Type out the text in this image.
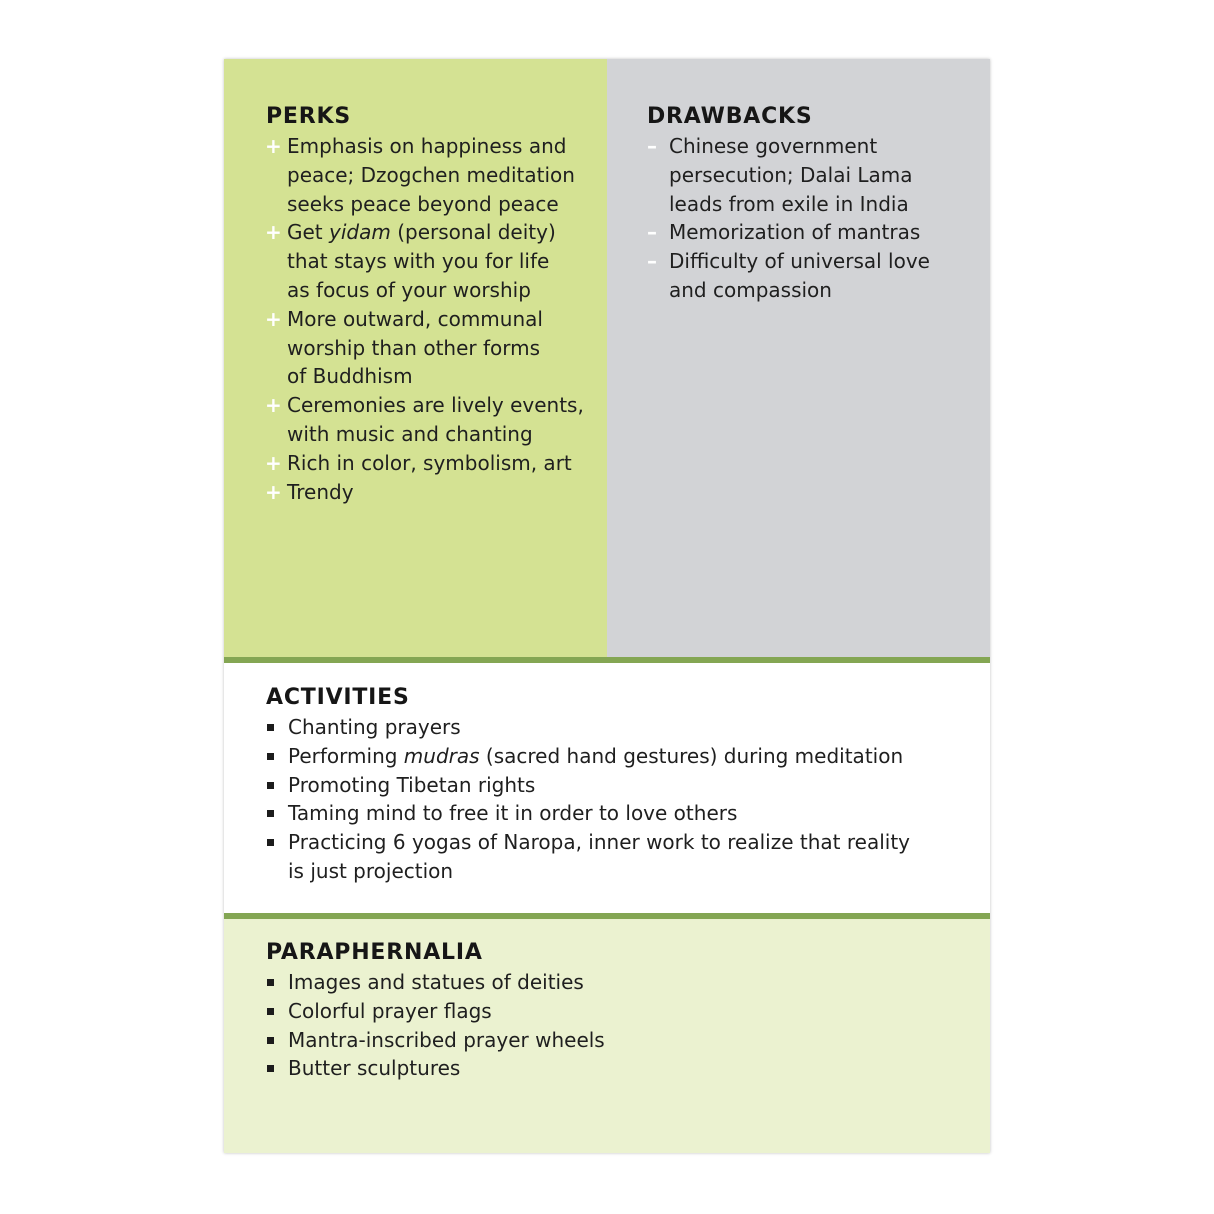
PERKS
+ Emphasis on happiness and
peace; Dzogchen meditation
seeks peace beyond peace
+ Get yidam (personal deity)
that stays with you for life
as focus of your worship
+ More outward, communal
worship than other forms
of Buddhism
+ Ceremonies are lively events,
with music and chanting
+ Rich in color, symbolism, art
+ Trendy
DRAWBACKS
– Chinese government
persecution; Dalai Lama
leads from exile in India
– Memorization of mantras
– Difficulty of universal love
and compassion
ACTIVITIES
Chanting prayers
Performing mudras (sacred hand gestures) during meditation
Promoting Tibetan rights
Taming mind to free it in order to love others
Practicing 6 yogas of Naropa, inner work to realize that reality
is just projection
PARAPHERNALIA
Images and statues of deities
Colorful prayer flags
Mantra-inscribed prayer wheels
Butter sculptures
